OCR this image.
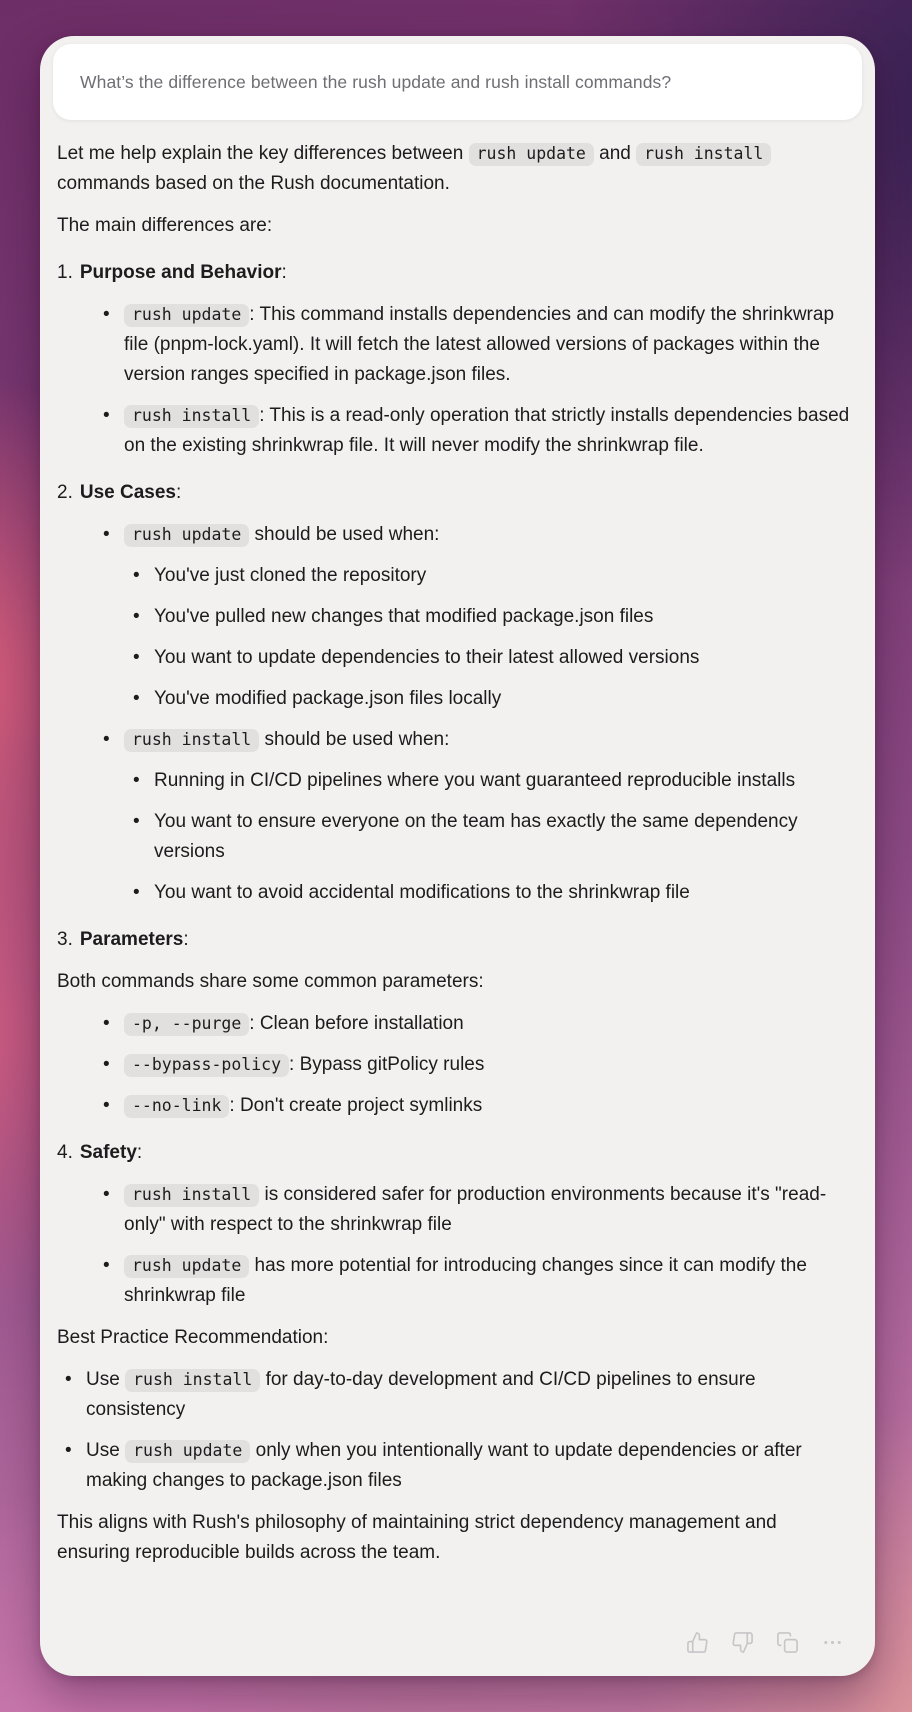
What’s the difference between the rush update and rush install commands?

Let me help explain the key differences between rush update and rush install commands based on the Rush documentation.

The main differences are:

1. Purpose and Behavior:

• rush update : This command installs dependencies and can modify the shrinkwrap file (pnpm-lock.yaml). It will fetch the latest allowed versions of packages within the version ranges specified in package.json files.
• rush install : This is a read-only operation that strictly installs dependencies based on the existing shrinkwrap file. It will never modify the shrinkwrap file.

2. Use Cases:

• rush update should be used when:
• You've just cloned the repository
• You've pulled new changes that modified package.json files
• You want to update dependencies to their latest allowed versions
• You've modified package.json files locally
• rush install should be used when:
• Running in CI/CD pipelines where you want guaranteed reproducible installs
• You want to ensure everyone on the team has exactly the same dependency versions
• You want to avoid accidental modifications to the shrinkwrap file

3. Parameters:

Both commands share some common parameters:

• -p, --purge : Clean before installation
• --bypass-policy : Bypass gitPolicy rules
• --no-link : Don't create project symlinks

4. Safety:

• rush install is considered safer for production environments because it's "read-only" with respect to the shrinkwrap file
• rush update has more potential for introducing changes since it can modify the shrinkwrap file

Best Practice Recommendation:

• Use rush install for day-to-day development and CI/CD pipelines to ensure consistency
• Use rush update only when you intentionally want to update dependencies or after making changes to package.json files

This aligns with Rush's philosophy of maintaining strict dependency management and ensuring reproducible builds across the team.
